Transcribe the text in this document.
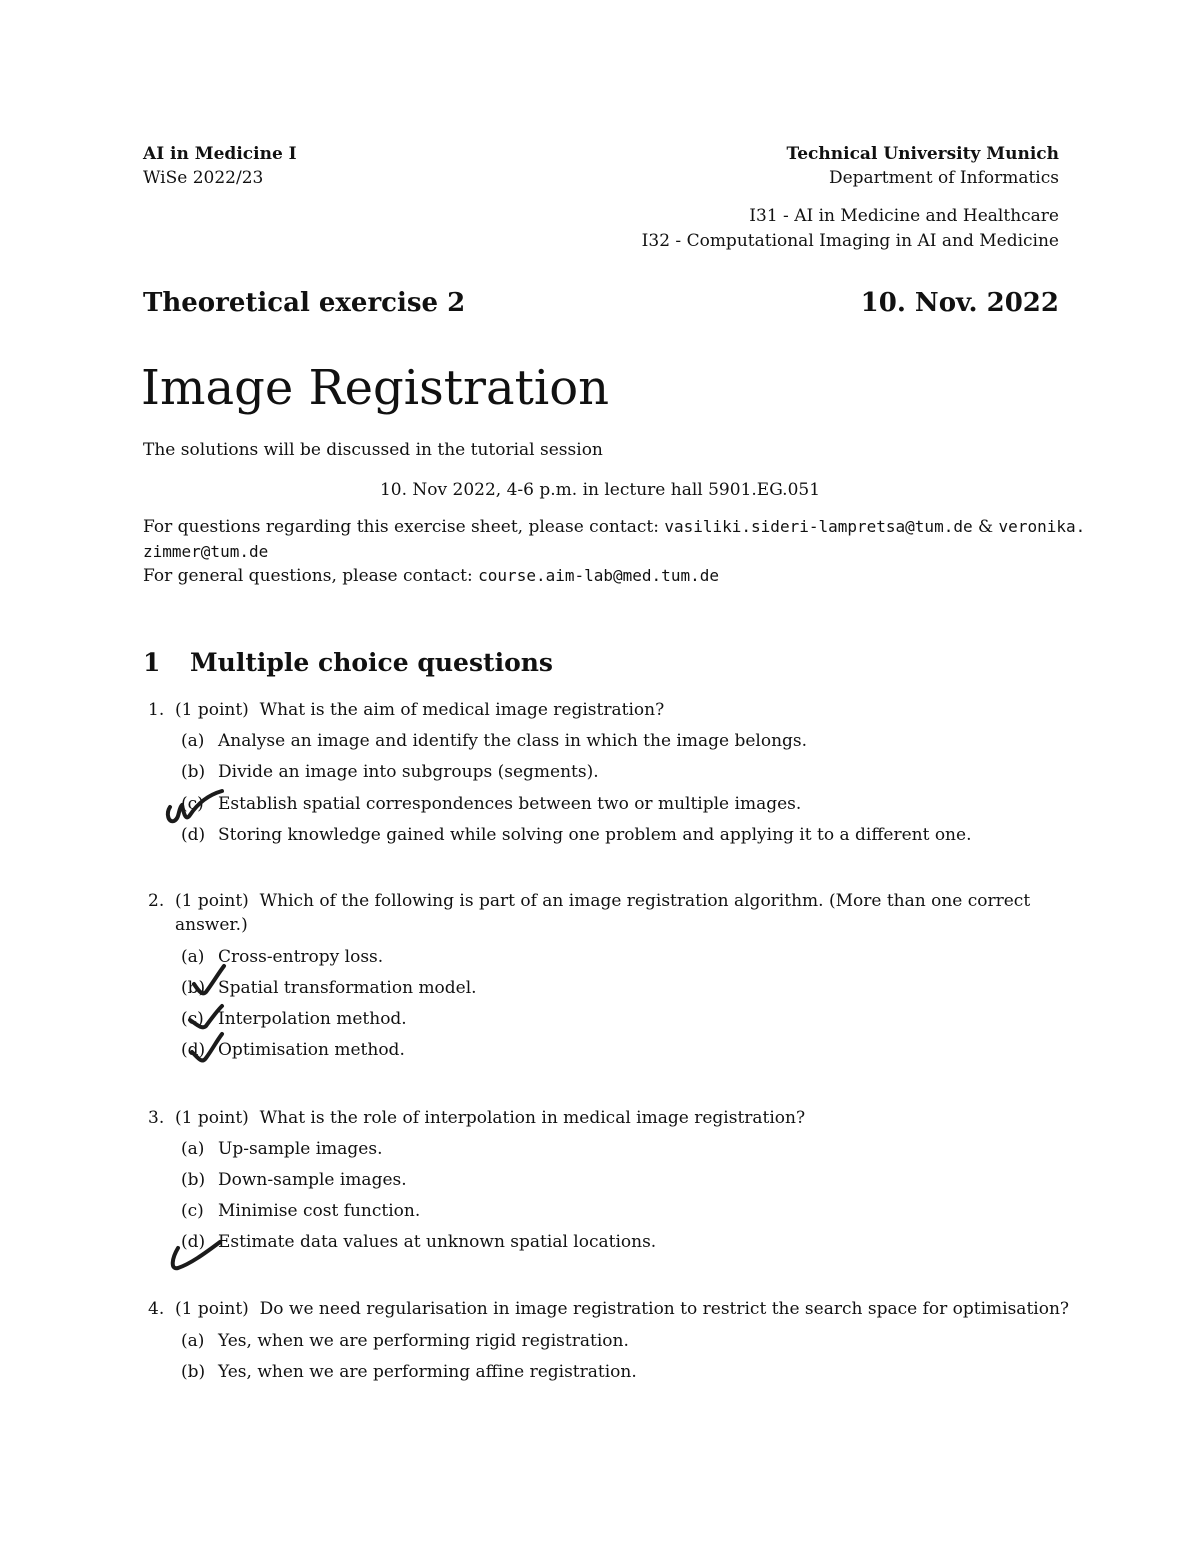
AI in Medicine I
WiSe 2022/23
Technical University Munich
Department of Informatics
I31 - AI in Medicine and Healthcare
I32 - Computational Imaging in AI and Medicine
Theoretical exercise 2	10. Nov. 2022
Image Registration
The solutions will be discussed in the tutorial session
10. Nov 2022, 4-6 p.m. in lecture hall 5901.EG.051
For questions regarding this exercise sheet, please contact: vasiliki.sideri-lampretsa@tum.de & veronika.
zimmer@tum.de
For general questions, please contact: course.aim-lab@med.tum.de
1 Multiple choice questions
1. (1 point) What is the aim of medical image registration?
(a) Analyse an image and identify the class in which the image belongs.
(b) Divide an image into subgroups (segments).
(c) Establish spatial correspondences between two or multiple images.
(d) Storing knowledge gained while solving one problem and applying it to a different one.
2. (1 point) Which of the following is part of an image registration algorithm. (More than one correct
answer.)
(a) Cross-entropy loss.
(b) Spatial transformation model.
(c) Interpolation method.
(d) Optimisation method.
3. (1 point) What is the role of interpolation in medical image registration?
(a) Up-sample images.
(b) Down-sample images.
(c) Minimise cost function.
(d) Estimate data values at unknown spatial locations.
4. (1 point) Do we need regularisation in image registration to restrict the search space for optimisation?
(a) Yes, when we are performing rigid registration.
(b) Yes, when we are performing affine registration.
